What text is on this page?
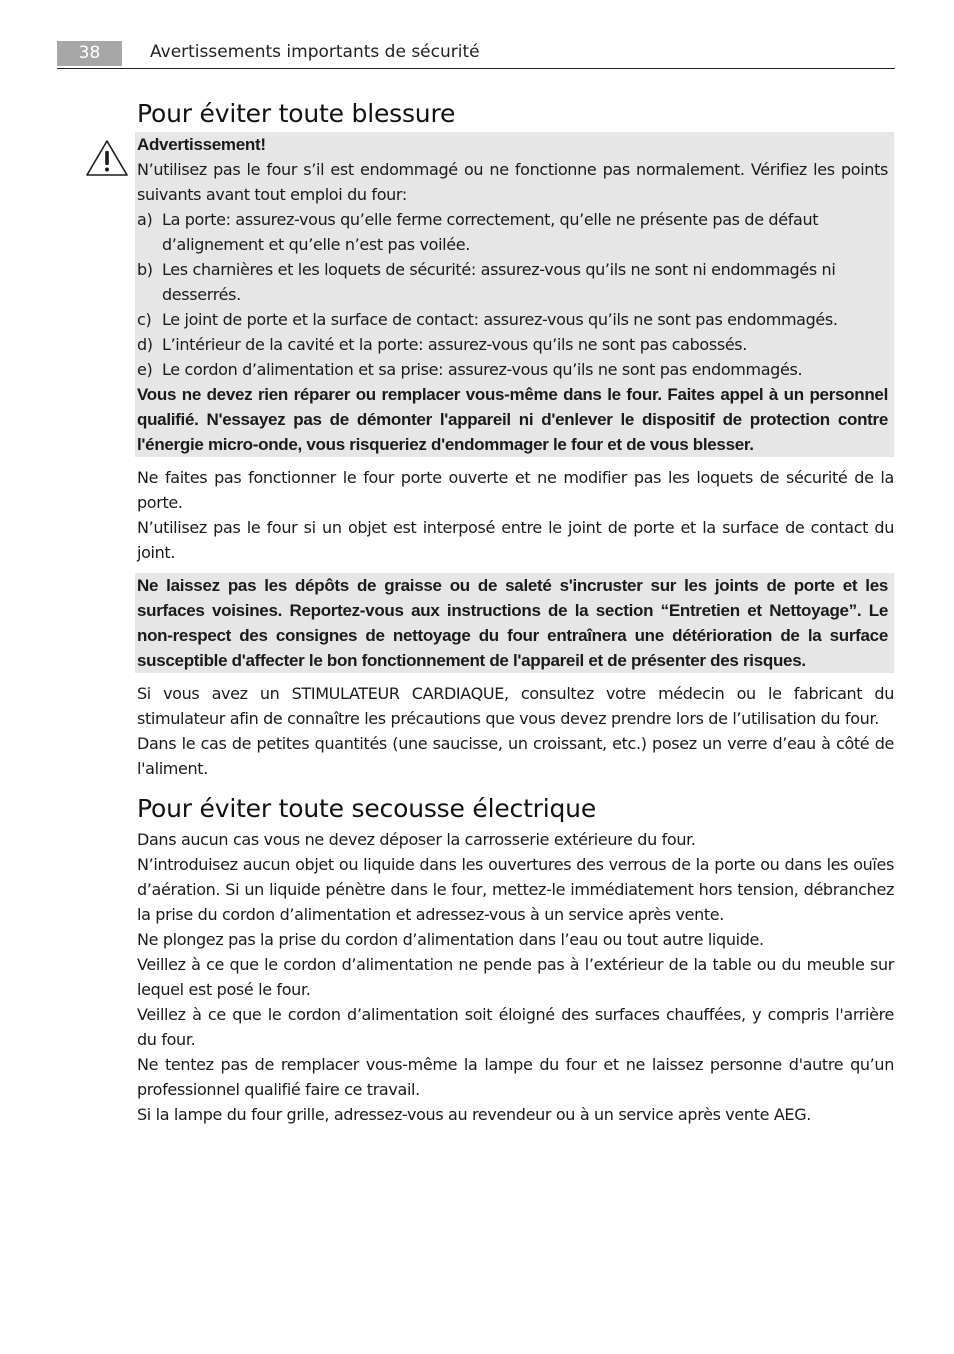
38	Avertissements importants de sécurité
Pour éviter toute blessure

Advertissement!

N’utilisez pas le four s’il est endommagé ou ne fonctionne pas normalement. Vérifiez les points suivants avant tout emploi du four:

a) La porte: assurez-vous qu’elle ferme correctement, qu’elle ne présente pas de défaut d’alignement et qu’elle n’est pas voilée.
b) Les charnières et les loquets de sécurité: assurez-vous qu’ils ne sont ni endommagés ni desserrés.
c) Le joint de porte et la surface de contact: assurez-vous qu’ils ne sont pas endommagés.
d) L’intérieur de la cavité et la porte: assurez-vous qu’ils ne sont pas cabossés.
e) Le cordon d’alimentation et sa prise: assurez-vous qu’ils ne sont pas endommagés.

Vous ne devez rien réparer ou remplacer vous-même dans le four. Faites appel à un personnel qualifié. N'essayez pas de démonter l'appareil ni d'enlever le dispositif de protection contre l'énergie micro-onde, vous risqueriez d'endommager le four et de vous blesser.

Ne faites pas fonctionner le four porte ouverte et ne modifier pas les loquets de sécurité de la porte.

N’utilisez pas le four si un objet est interposé entre le joint de porte et la surface de contact du joint.

Ne laissez pas les dépôts de graisse ou de saleté s'incruster sur les joints de porte et les surfaces voisines. Reportez-vous aux instructions de la section “Entretien et Nettoyage”. Le non-respect des consignes de nettoyage du four entraînera une détérioration de la surface susceptible d'affecter le bon fonctionnement de l'appareil et de présenter des risques.

Si vous avez un STIMULATEUR CARDIAQUE, consultez votre médecin ou le fabricant du stimulateur afin de connaître les précautions que vous devez prendre lors de l’utilisation du four.

Dans le cas de petites quantités (une saucisse, un croissant, etc.) posez un verre d’eau à côté de l'aliment.

Pour éviter toute secousse électrique

Dans aucun cas vous ne devez déposer la carrosserie extérieure du four.

N’introduisez aucun objet ou liquide dans les ouvertures des verrous de la porte ou dans les ouïes d’aération. Si un liquide pénètre dans le four, mettez-le immédiatement hors tension, débranchez la prise du cordon d’alimentation et adressez-vous à un service après vente.

Ne plongez pas la prise du cordon d’alimentation dans l’eau ou tout autre liquide.

Veillez à ce que le cordon d’alimentation ne pende pas à l’extérieur de la table ou du meuble sur lequel est posé le four.

Veillez à ce que le cordon d’alimentation soit éloigné des surfaces chauffées, y compris l'arrière du four.

Ne tentez pas de remplacer vous-même la lampe du four et ne laissez personne d'autre qu’un professionnel qualifié faire ce travail.

Si la lampe du four grille, adressez-vous au revendeur ou à un service après vente AEG.
